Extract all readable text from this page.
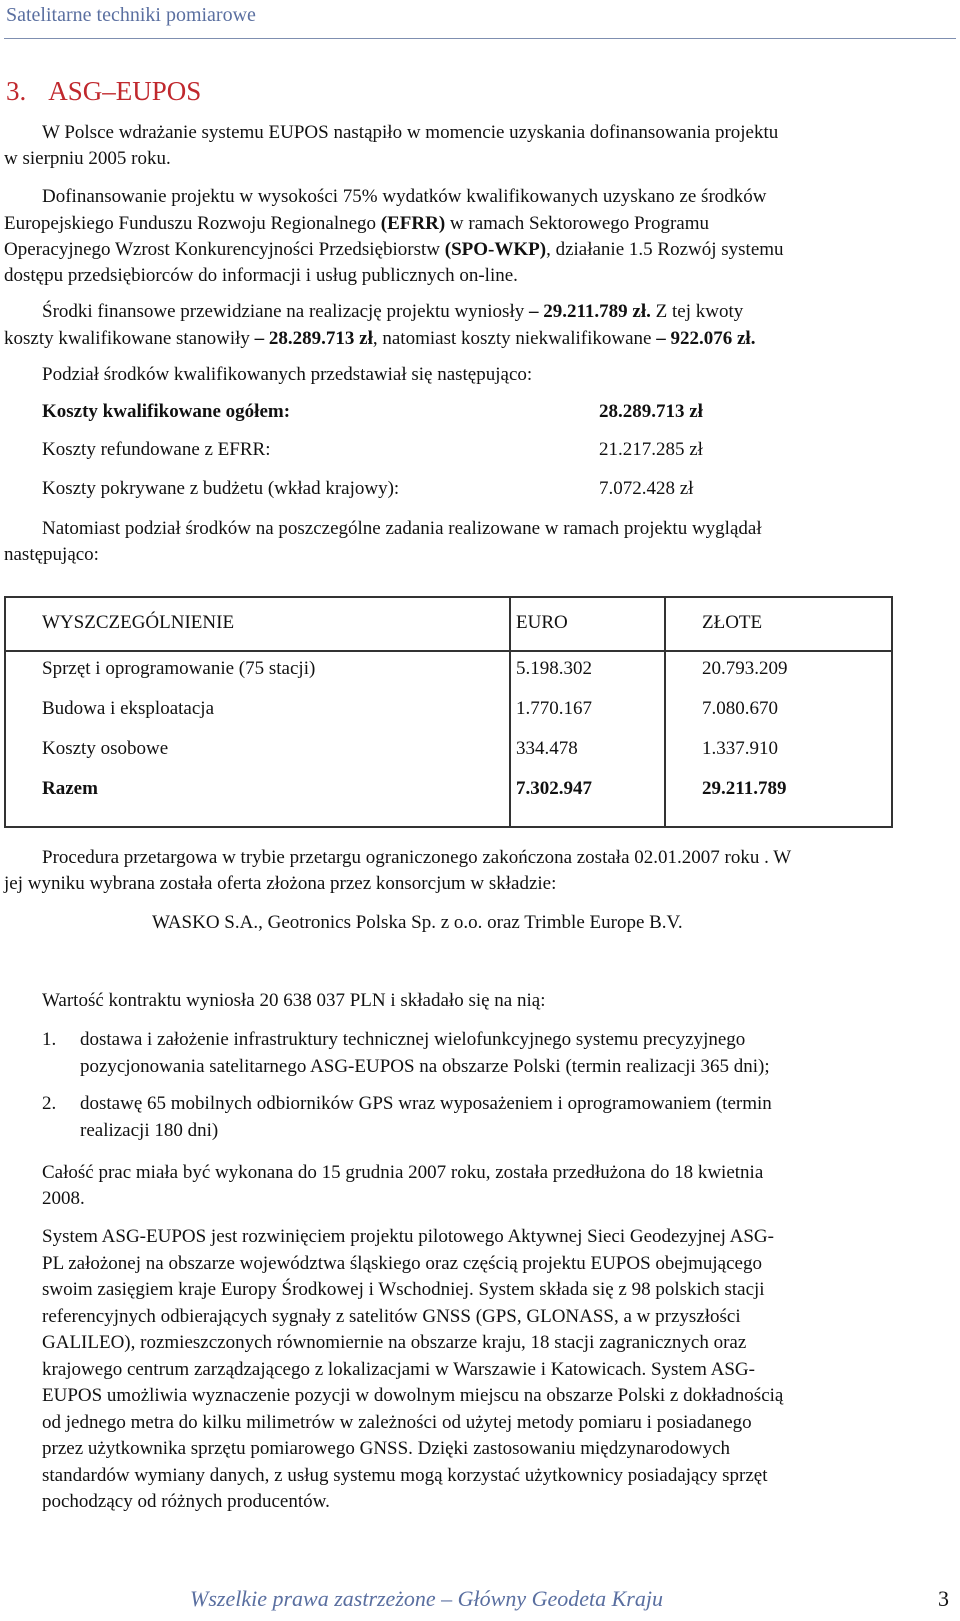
Satelitarne techniki pomiarowe
3. ASG–EUPOS

W Polsce wdrażanie systemu EUPOS nastąpiło w momencie uzyskania dofinansowania projektu

w sierpniu 2005 roku.

Dofinansowanie projektu w wysokości 75% wydatków kwalifikowanych uzyskano ze środków

Europejskiego Funduszu Rozwoju Regionalnego (EFRR) w ramach Sektorowego Programu

Operacyjnego Wzrost Konkurencyjności Przedsiębiorstw (SPO-WKP), działanie 1.5 Rozwój systemu

dostępu przedsiębiorców do informacji i usług publicznych on-line.

Środki finansowe przewidziane na realizację projektu wyniosły – 29.211.789 zł. Z tej kwoty

koszty kwalifikowane stanowiły – 28.289.713 zł, natomiast koszty niekwalifikowane – 922.076 zł.

Podział środków kwalifikowanych przedstawiał się następująco:

Koszty kwalifikowane ogółem:	28.289.713 zł
Koszty refundowane z EFRR:	21.217.285 zł
Koszty pokrywane z budżetu (wkład krajowy):	7.072.428 zł

Natomiast podział środków na poszczególne zadania realizowane w ramach projektu wyglądał

następująco:

WYSZCZEGÓLNIENIE	EURO	ZŁOTE
Sprzęt i oprogramowanie (75 stacji)	5.198.302	20.793.209
Budowa i eksploatacja	1.770.167	7.080.670
Koszty osobowe	334.478	1.337.910
Razem	7.302.947	29.211.789

Procedura przetargowa w trybie przetargu ograniczonego zakończona została 02.01.2007 roku . W

jej wyniku wybrana została oferta złożona przez konsorcjum w składzie:

WASKO S.A., Geotronics Polska Sp. z o.o. oraz Trimble Europe B.V.

Wartość kontraktu wyniosła 20 638 037 PLN i składało się na nią:

1. dostawa i założenie infrastruktury technicznej wielofunkcyjnego systemu precyzyjnego
pozycjonowania satelitarnego ASG-EUPOS na obszarze Polski (termin realizacji 365 dni);
2. dostawę 65 mobilnych odbiorników GPS wraz wyposażeniem i oprogramowaniem (termin
realizacji 180 dni)

Całość prac miała być wykonana do 15 grudnia 2007 roku, została przedłużona do 18 kwietnia

2008.

System ASG-EUPOS jest rozwinięciem projektu pilotowego Aktywnej Sieci Geodezyjnej ASG-
PL założonej na obszarze województwa śląskiego oraz częścią projektu EUPOS obejmującego
swoim zasięgiem kraje Europy Środkowej i Wschodniej. System składa się z 98 polskich stacji
referencyjnych odbierających sygnały z satelitów GNSS (GPS, GLONASS, a w przyszłości
GALILEO), rozmieszczonych równomiernie na obszarze kraju, 18 stacji zagranicznych oraz
krajowego centrum zarządzającego z lokalizacjami w Warszawie i Katowicach. System ASG-
EUPOS umożliwia wyznaczenie pozycji w dowolnym miejscu na obszarze Polski z dokładnością
od jednego metra do kilku milimetrów w zależności od użytej metody pomiaru i posiadanego
przez użytkownika sprzętu pomiarowego GNSS. Dzięki zastosowaniu międzynarodowych
standardów wymiany danych, z usług systemu mogą korzystać użytkownicy posiadający sprzęt
pochodzący od różnych producentów.
Wszelkie prawa zastrzeżone – Główny Geodeta Kraju	3
